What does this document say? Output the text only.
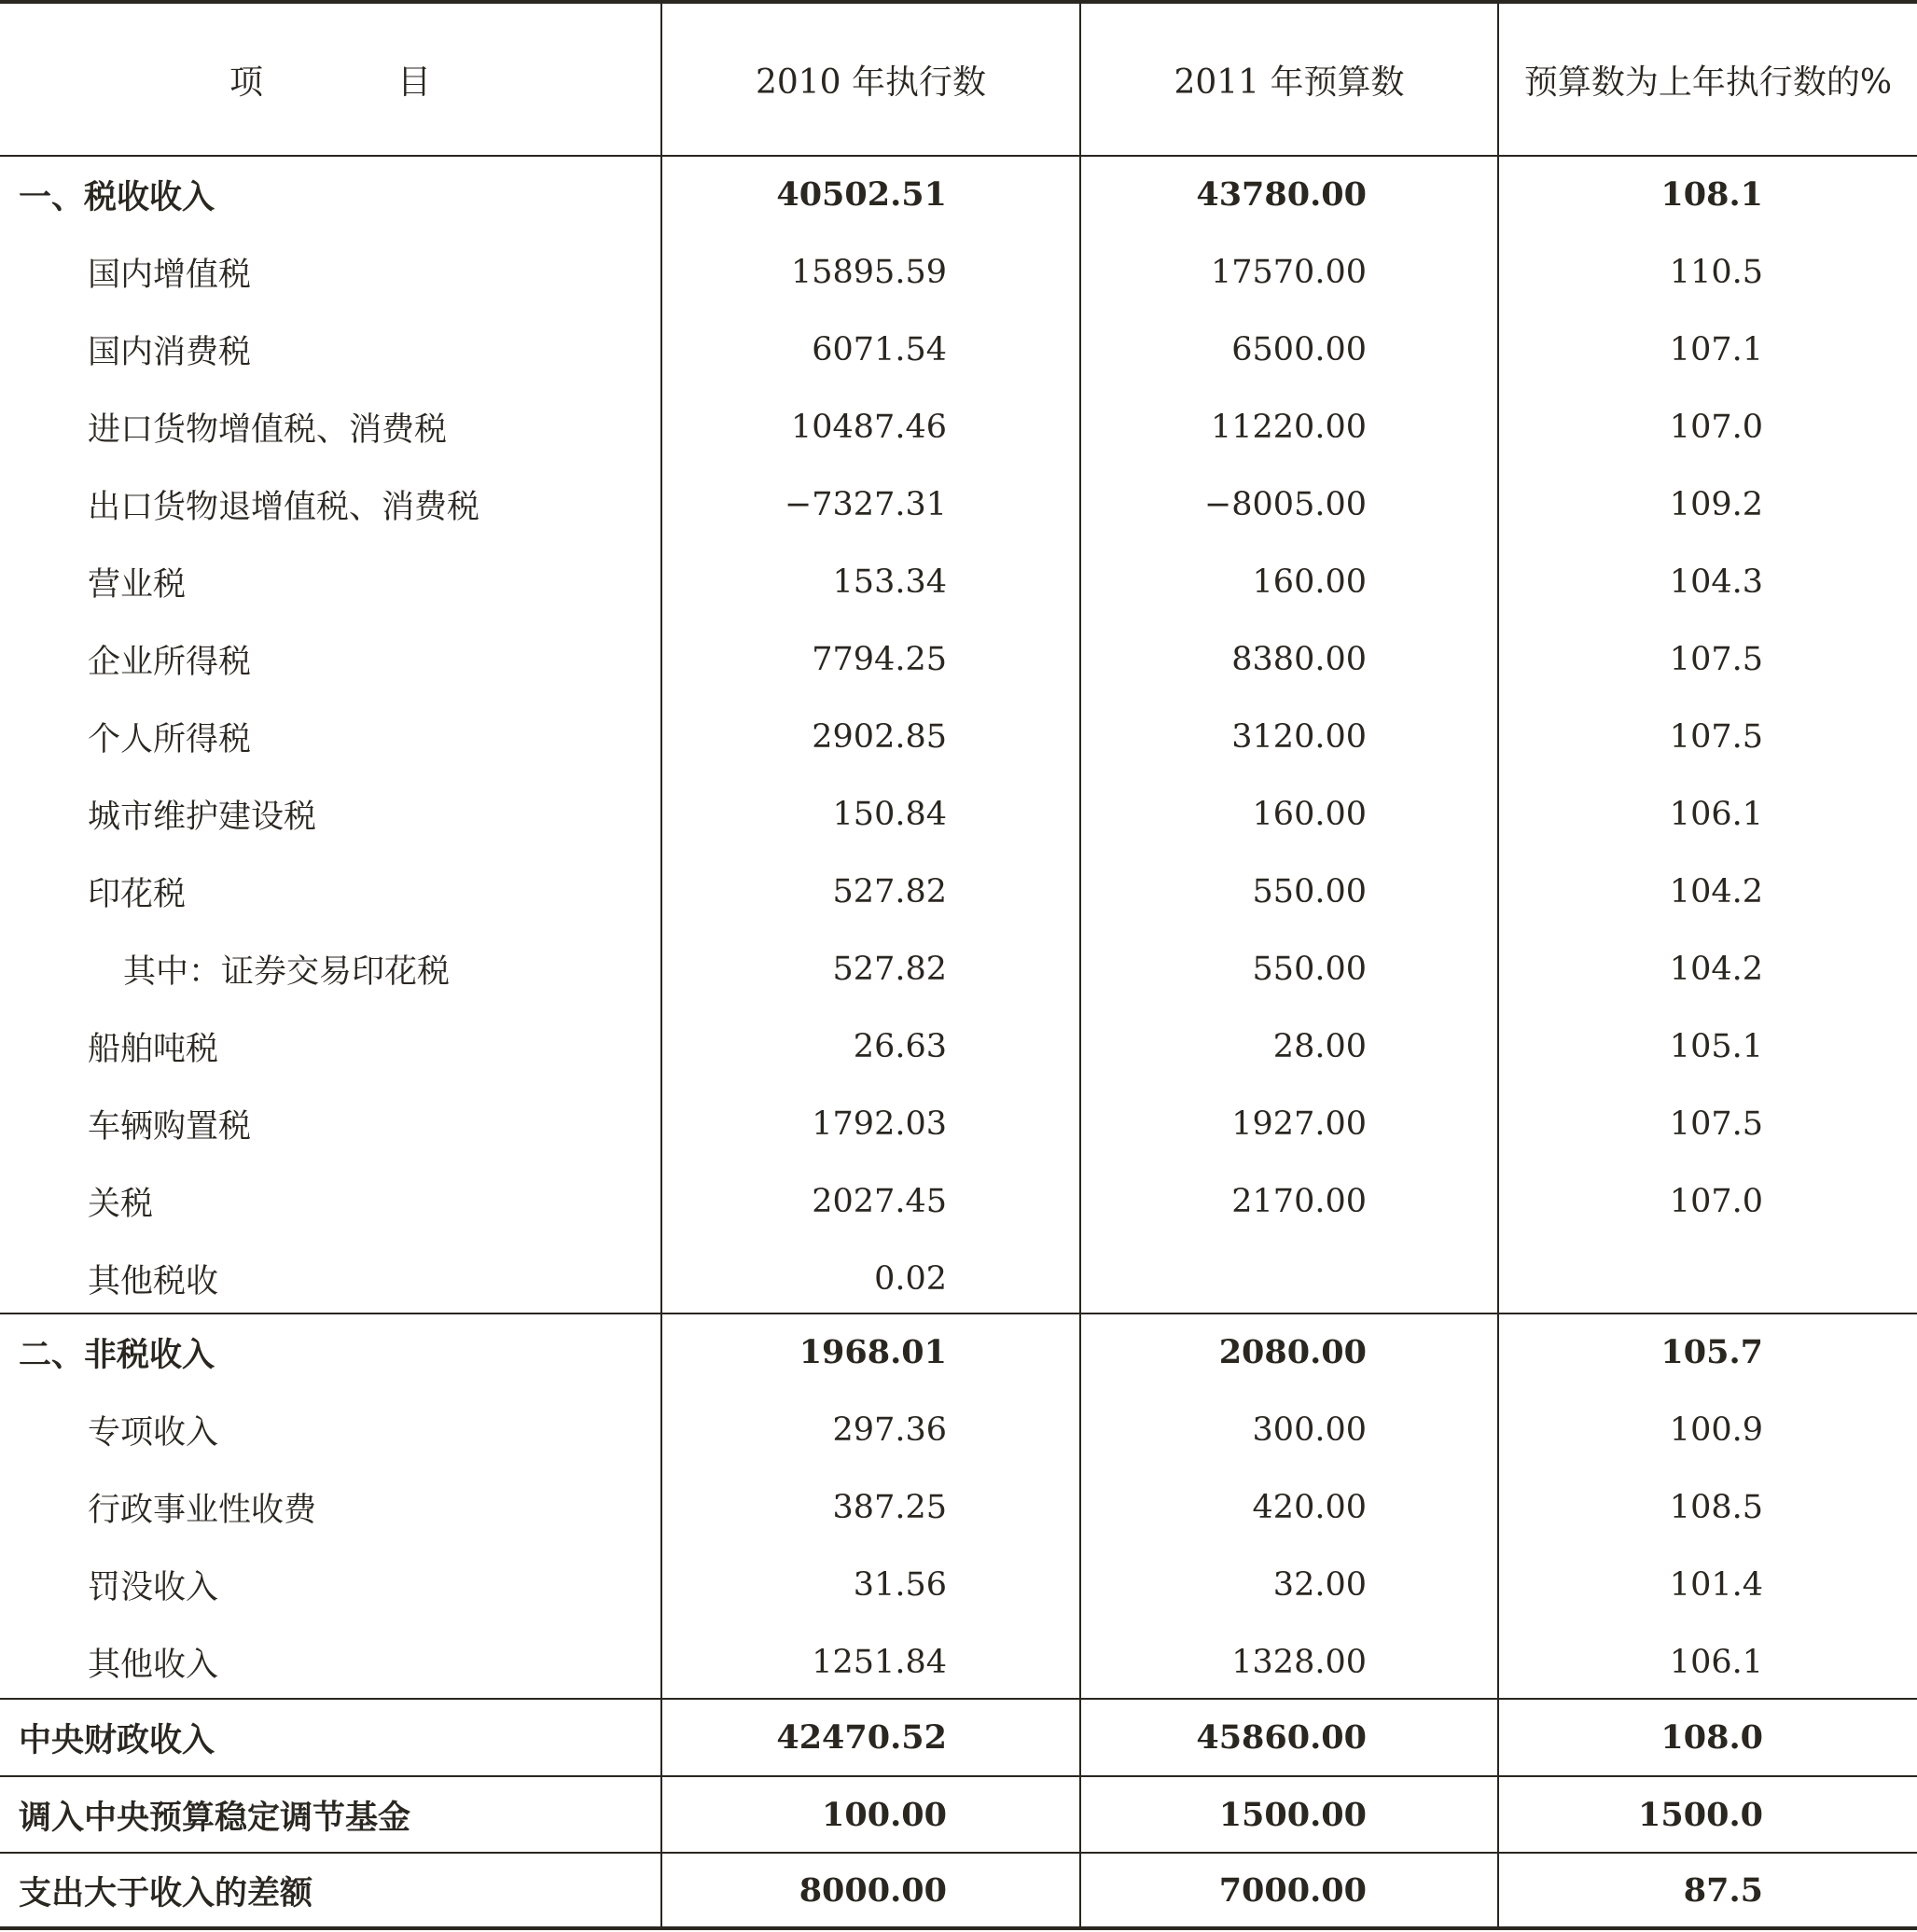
项　　　　目	2010 年执行数	2011 年预算数	预算数为上年执行数的%
一、税收收入	40502.51	43780.00	108.1
国内增值税	15895.59	17570.00	110.5
国内消费税	6071.54	6500.00	107.1
进口货物增值税、消费税	10487.46	11220.00	107.0
出口货物退增值税、消费税	−7327.31	−8005.00	109.2
营业税	153.34	160.00	104.3
企业所得税	7794.25	8380.00	107.5
个人所得税	2902.85	3120.00	107.5
城市维护建设税	150.84	160.00	106.1
印花税	527.82	550.00	104.2
其中：证券交易印花税	527.82	550.00	104.2
船舶吨税	26.63	28.00	105.1
车辆购置税	1792.03	1927.00	107.5
关税	2027.45	2170.00	107.0
其他税收	0.02
二、非税收入	1968.01	2080.00	105.7
专项收入	297.36	300.00	100.9
行政事业性收费	387.25	420.00	108.5
罚没收入	31.56	32.00	101.4
其他收入	1251.84	1328.00	106.1
中央财政收入	42470.52	45860.00	108.0
调入中央预算稳定调节基金	100.00	1500.00	1500.0
支出大于收入的差额	8000.00	7000.00	87.5
